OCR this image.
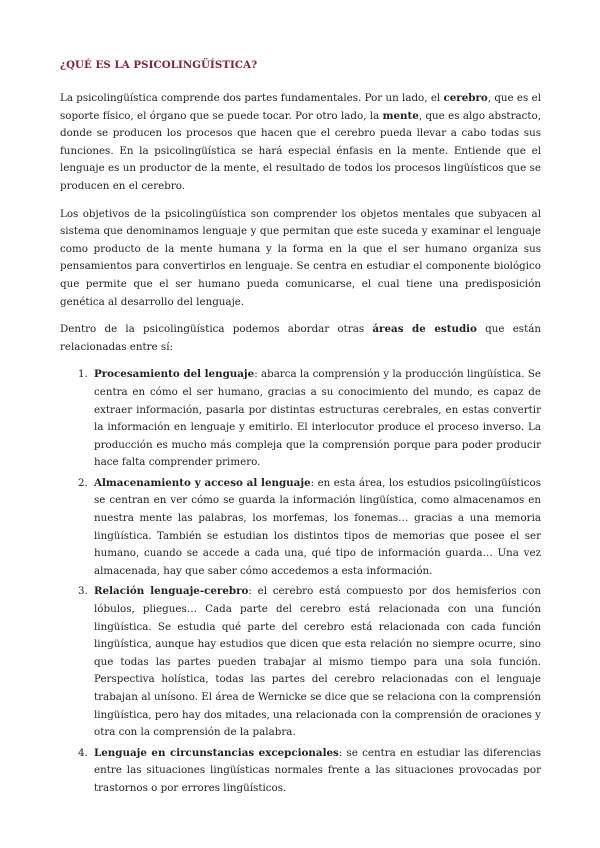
¿QUÉ ES LA PSICOLINGÜÍSTICA?

La psicolingüística comprende dos partes fundamentales. Por un lado, el cerebro, que es el soporte físico, el órgano que se puede tocar. Por otro lado, la mente, que es algo abstracto, donde se producen los procesos que hacen que el cerebro pueda llevar a cabo todas sus funciones. En la psicolingüística se hará especial énfasis en la mente. Entiende que el lenguaje es un productor de la mente, el resultado de todos los procesos lingüísticos que se producen en el cerebro.

Los objetivos de la psicolingüística son comprender los objetos mentales que subyacen al sistema que denominamos lenguaje y que permitan que este suceda y examinar el lenguaje como producto de la mente humana y la forma en la que el ser humano organiza sus pensamientos para convertirlos en lenguaje. Se centra en estudiar el componente biológico que permite que el ser humano pueda comunicarse, el cual tiene una predisposición genética al desarrollo del lenguaje.

Dentro de la psicolingüística podemos abordar otras áreas de estudio que están relacionadas entre sí:

1. Procesamiento del lenguaje: abarca la comprensión y la producción lingüística. Se centra en cómo el ser humano, gracias a su conocimiento del mundo, es capaz de extraer información, pasarla por distintas estructuras cerebrales, en estas convertir la información en lenguaje y emitirlo. El interlocutor produce el proceso inverso. La producción es mucho más compleja que la comprensión porque para poder producir hace falta comprender primero.
2. Almacenamiento y acceso al lenguaje: en esta área, los estudios psicolingüísticos se centran en ver cómo se guarda la información lingüística, como almacenamos en nuestra mente las palabras, los morfemas, los fonemas… gracias a una memoria lingüística. También se estudian los distintos tipos de memorias que posee el ser humano, cuando se accede a cada una, qué tipo de información guarda… Una vez almacenada, hay que saber cómo accedemos a esta información.
3. Relación lenguaje-cerebro: el cerebro está compuesto por dos hemisferios con lóbulos, pliegues… Cada parte del cerebro está relacionada con una función lingüística. Se estudia qué parte del cerebro está relacionada con cada función lingüística, aunque hay estudios que dicen que esta relación no siempre ocurre, sino que todas las partes pueden trabajar al mismo tiempo para una sola función. Perspectiva holística, todas las partes del cerebro relacionadas con el lenguaje trabajan al unísono. El área de Wernicke se dice que se relaciona con la comprensión lingüística, pero hay dos mitades, una relacionada con la comprensión de oraciones y otra con la comprensión de la palabra.
4. Lenguaje en circunstancias excepcionales: se centra en estudiar las diferencias entre las situaciones lingüísticas normales frente a las situaciones provocadas por trastornos o por errores lingüísticos.
